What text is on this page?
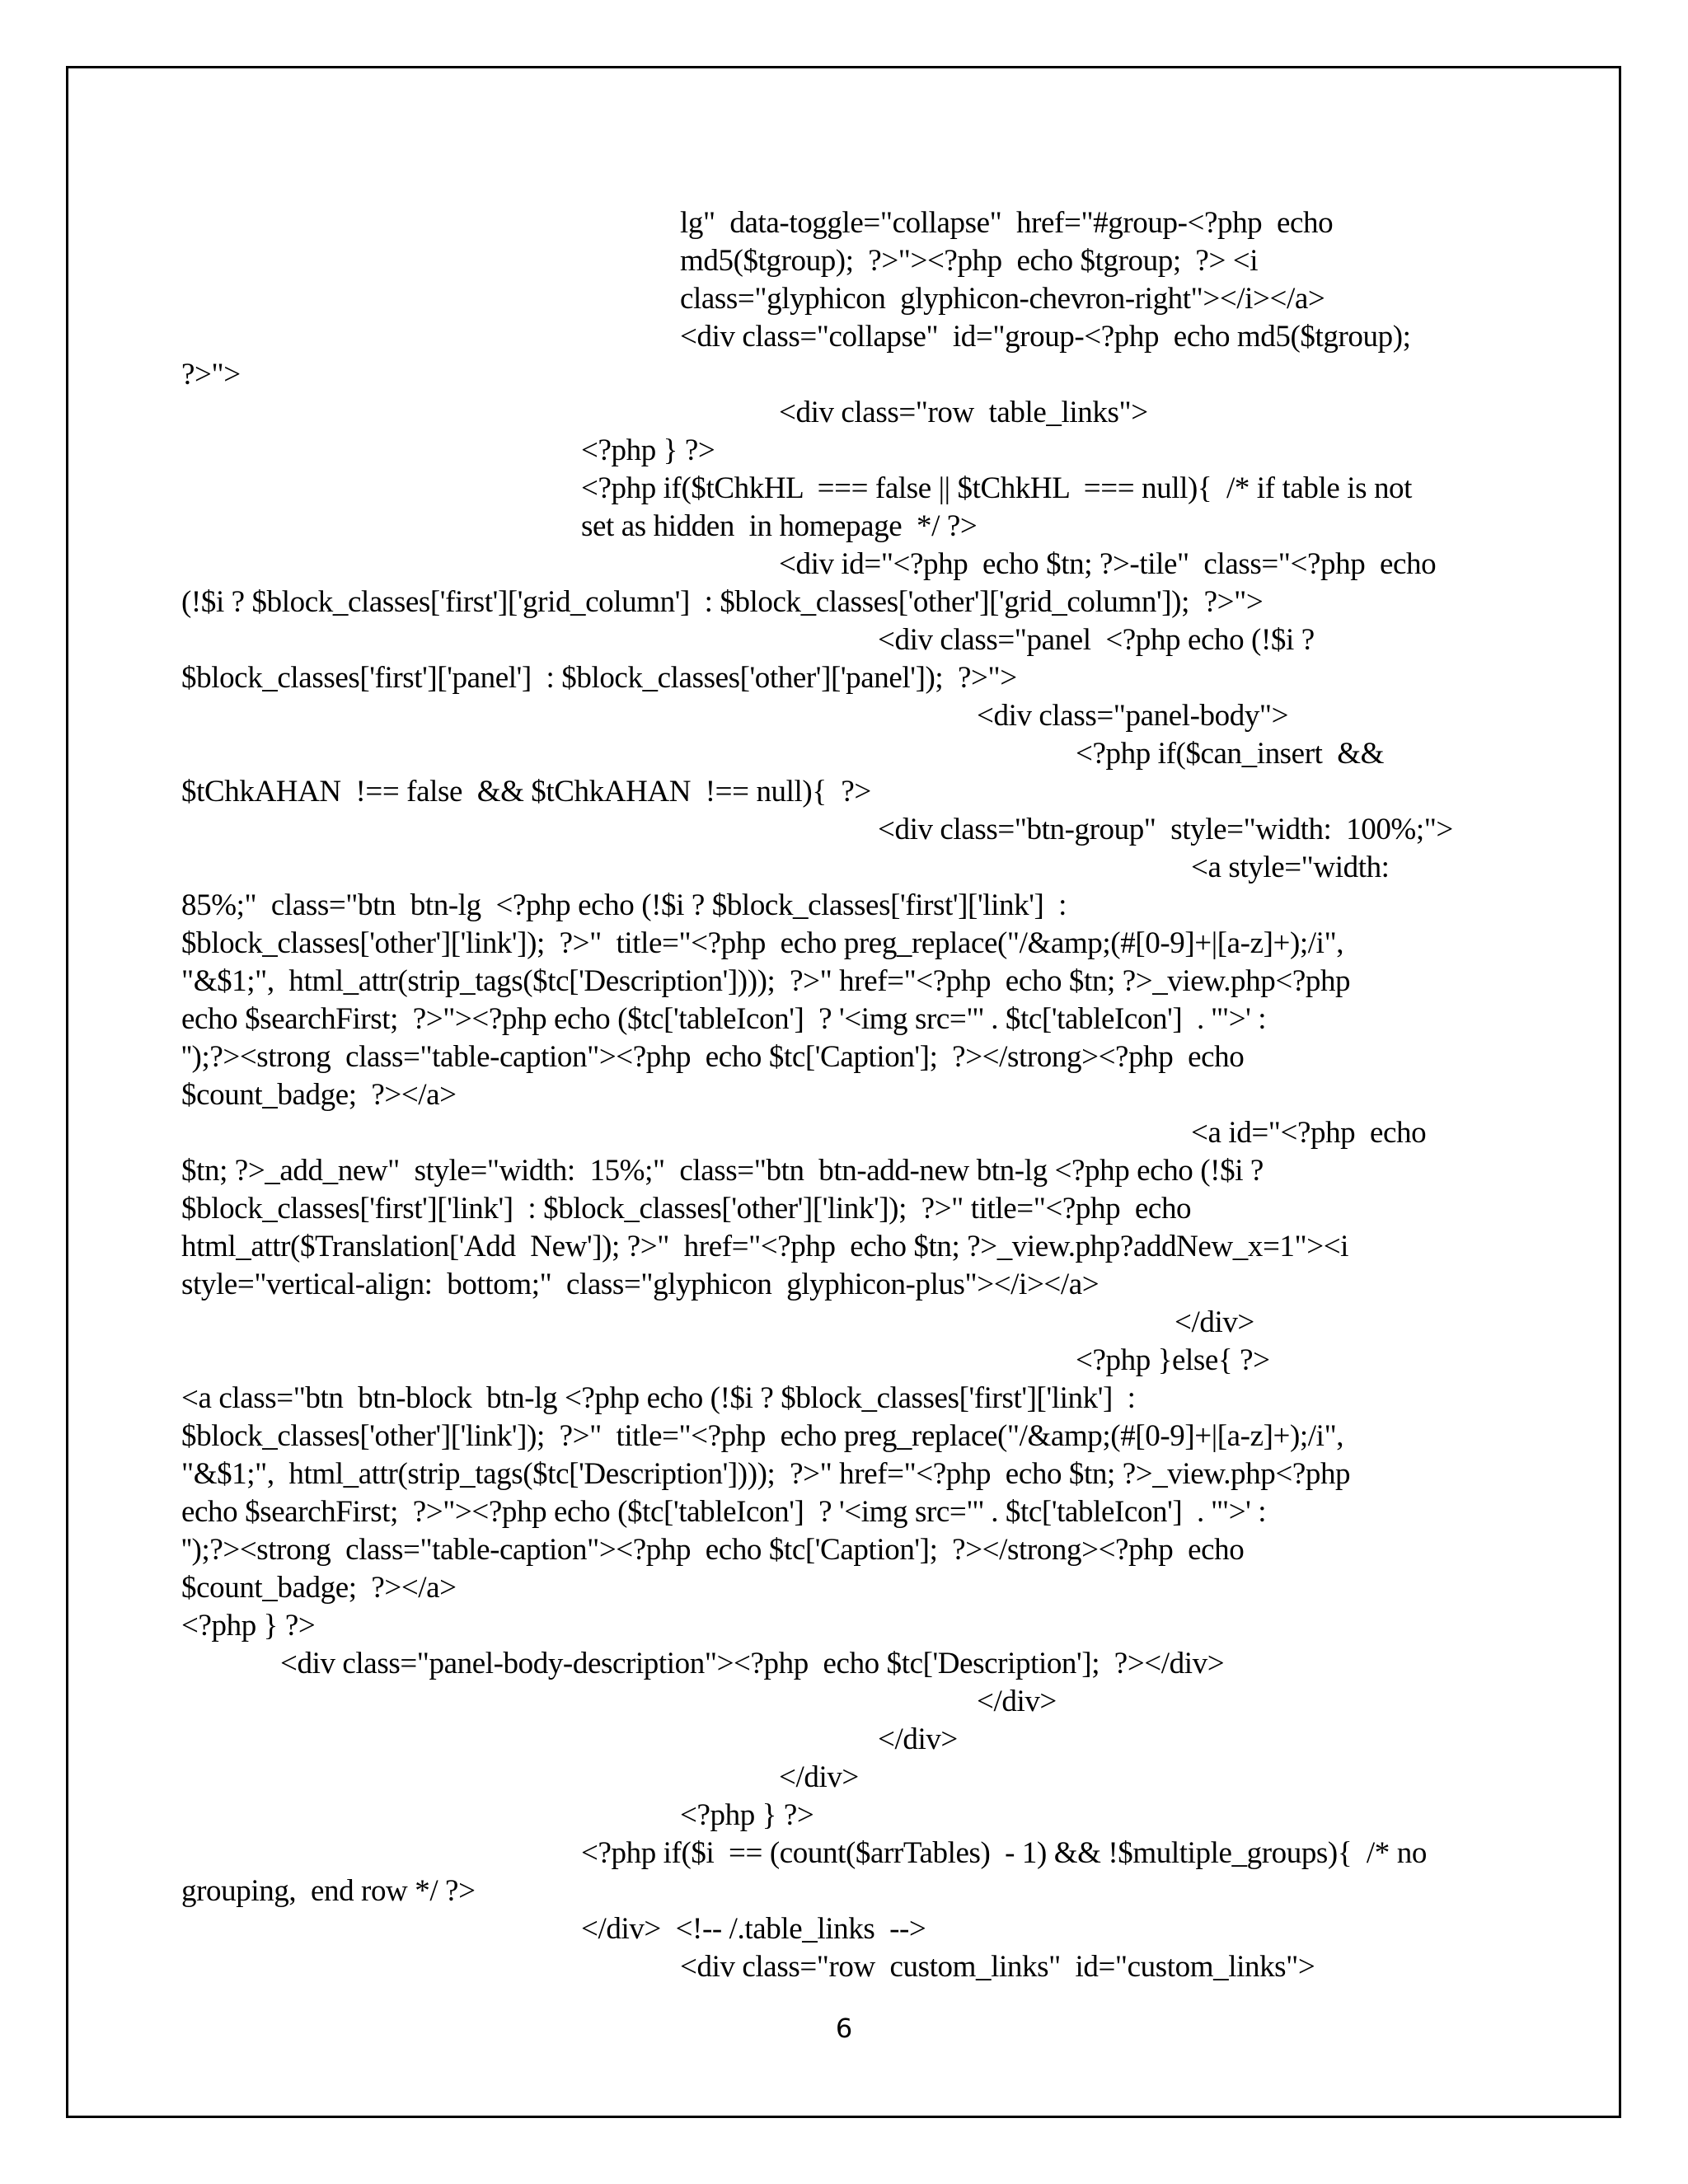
lg"  data-toggle="collapse"  href="#group-<?php  echo
md5($tgroup);  ?>"><?php  echo $tgroup;  ?> <i
class="glyphicon  glyphicon-chevron-right"></i></a>
<div class="collapse"  id="group-<?php  echo md5($tgroup);
?>">
<div class="row  table_links">
<?php } ?>
<?php if($tChkHL  === false || $tChkHL  === null){  /* if table is not
set as hidden  in homepage  */ ?>
<div id="<?php  echo $tn; ?>-tile"  class="<?php  echo
(!$i ? $block_classes['first']['grid_column']  : $block_classes['other']['grid_column']);  ?>">
<div class="panel  <?php echo (!$i ?
$block_classes['first']['panel']  : $block_classes['other']['panel']);  ?>">
<div class="panel-body">
<?php if($can_insert  &&
$tChkAHAN  !== false  && $tChkAHAN  !== null){  ?>
<div class="btn-group"  style="width:  100%;">
<a style="width:
85%;"  class="btn  btn-lg  <?php echo (!$i ? $block_classes['first']['link']  :
$block_classes['other']['link']);  ?>"  title="<?php  echo preg_replace("/&amp;(#[0-9]+|[a-z]+);/i",
"&$1;",  html_attr(strip_tags($tc['Description'])));  ?>" href="<?php  echo $tn; ?>_view.php<?php
echo $searchFirst;  ?>"><?php echo ($tc['tableIcon']  ? '<img src="' . $tc['tableIcon']  . '">' :
'');?><strong  class="table-caption"><?php  echo $tc['Caption'];  ?></strong><?php  echo
$count_badge;  ?></a>
<a id="<?php  echo
$tn; ?>_add_new"  style="width:  15%;"  class="btn  btn-add-new btn-lg <?php echo (!$i ?
$block_classes['first']['link']  : $block_classes['other']['link']);  ?>" title="<?php  echo
html_attr($Translation['Add  New']); ?>"  href="<?php  echo $tn; ?>_view.php?addNew_x=1"><i
style="vertical-align:  bottom;"  class="glyphicon  glyphicon-plus"></i></a>
</div>
<?php }else{ ?>
<a class="btn  btn-block  btn-lg <?php echo (!$i ? $block_classes['first']['link']  :
$block_classes['other']['link']);  ?>"  title="<?php  echo preg_replace("/&amp;(#[0-9]+|[a-z]+);/i",
"&$1;",  html_attr(strip_tags($tc['Description'])));  ?>" href="<?php  echo $tn; ?>_view.php<?php
echo $searchFirst;  ?>"><?php echo ($tc['tableIcon']  ? '<img src="' . $tc['tableIcon']  . '">' :
'');?><strong  class="table-caption"><?php  echo $tc['Caption'];  ?></strong><?php  echo
$count_badge;  ?></a>
<?php } ?>
<div class="panel-body-description"><?php  echo $tc['Description'];  ?></div>
</div>
</div>
</div>
<?php } ?>
<?php if($i  == (count($arrTables)  - 1) && !$multiple_groups){  /* no
grouping,  end row */ ?>
</div>  <!-- /.table_links  -->
<div class="row  custom_links"  id="custom_links">
6
